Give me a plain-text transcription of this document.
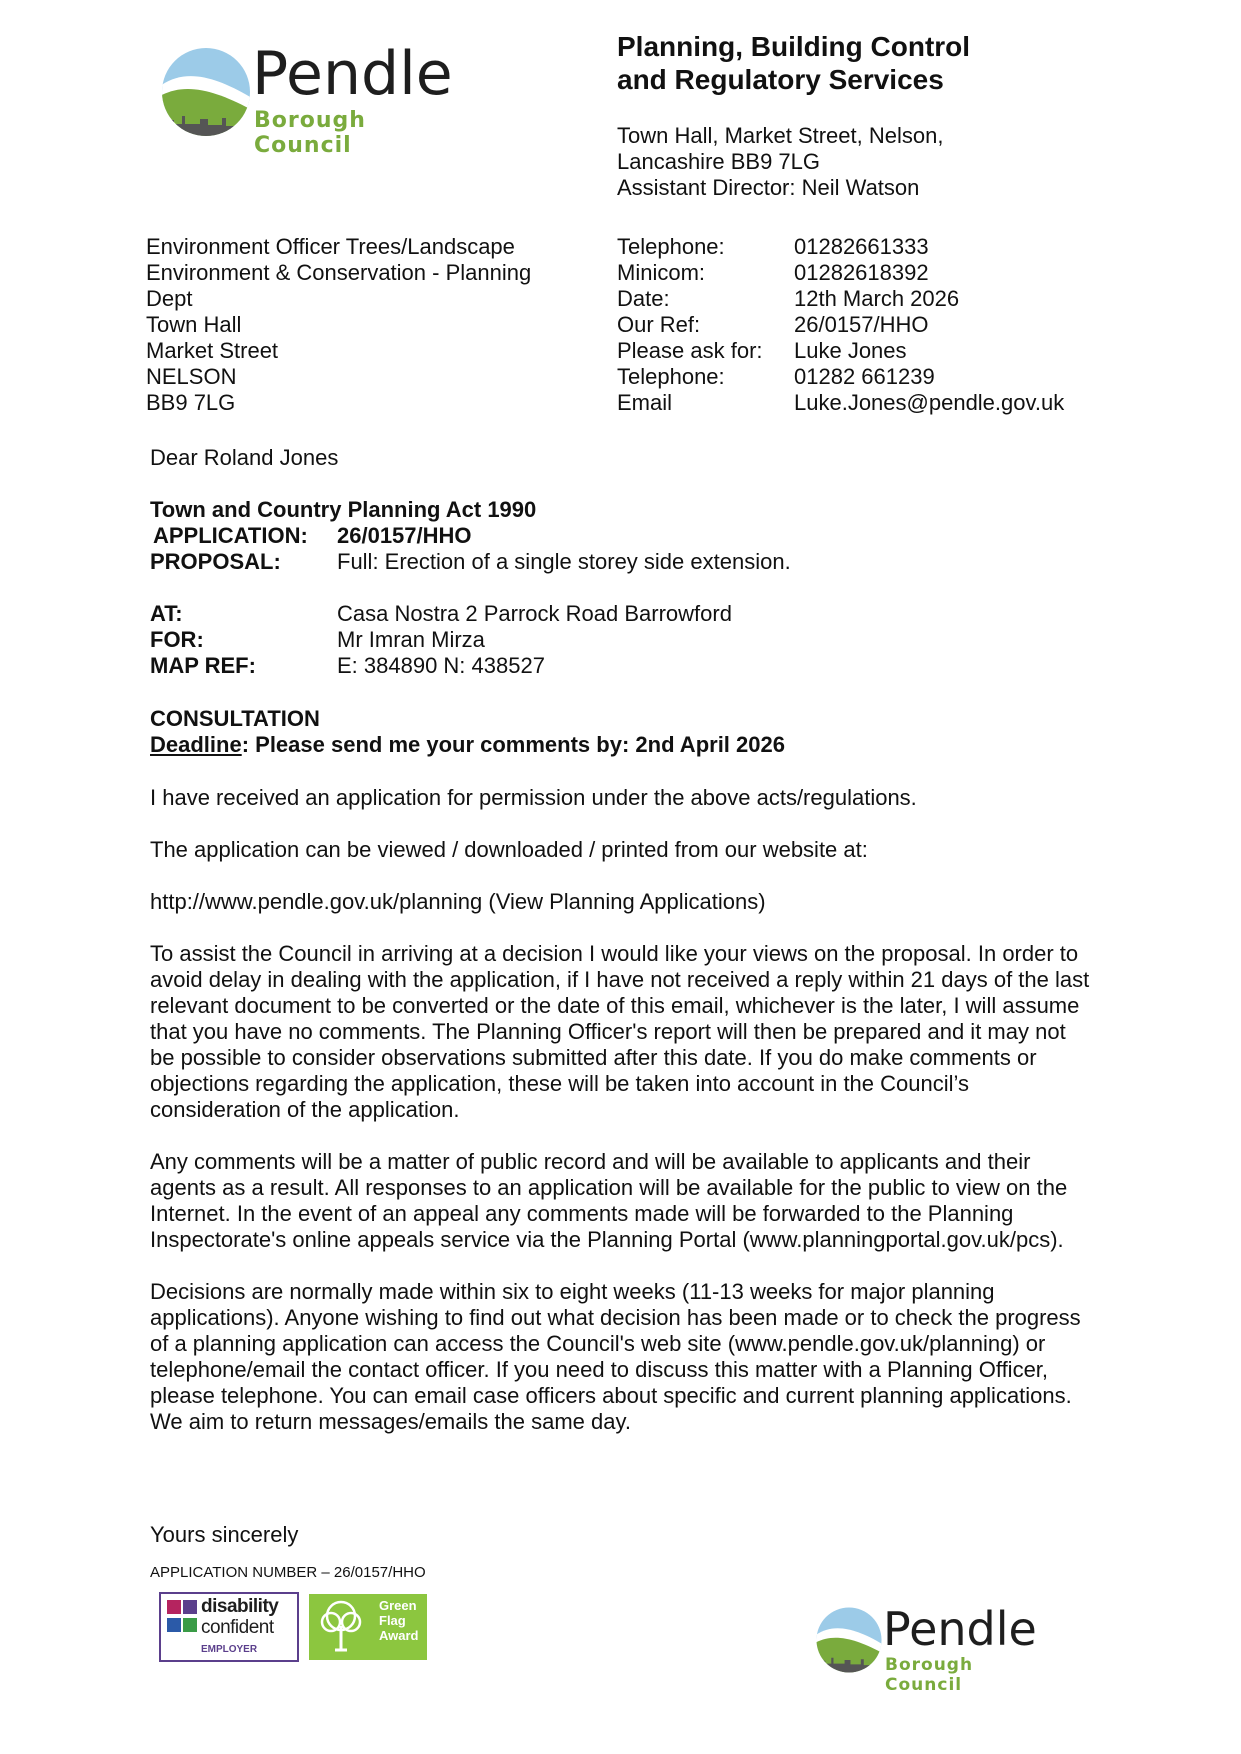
Pendle
Borough Council
Planning, Building Control
and Regulatory Services
Town Hall, Market Street, Nelson,
Lancashire BB9 7LG
Assistant Director: Neil Watson
Environment Officer Trees/Landscape
Environment & Conservation - Planning
Dept
Town Hall
Market Street
NELSON
BB9 7LG
Telephone:	01282661333
Minicom:	01282618392
Date:	12th March 2026
Our Ref:	26/0157/HHO
Please ask for:	Luke Jones
Telephone:	01282 661239
Email	Luke.Jones@pendle.gov.uk
Dear Roland Jones
Town and Country Planning Act 1990
APPLICATION:	26/0157/HHO
PROPOSAL:	Full: Erection of a single storey side extension.
AT:	Casa Nostra 2 Parrock Road Barrowford
FOR:	Mr Imran Mirza
MAP REF:	E: 384890 N: 438527
CONSULTATION
Deadline: Please send me your comments by: 2nd April 2026

I have received an application for permission under the above acts/regulations.

The application can be viewed / downloaded / printed from our website at:

http://www.pendle.gov.uk/planning (View Planning Applications)

To assist the Council in arriving at a decision I would like your views on the proposal. In order to avoid delay in dealing with the application, if I have not received a reply within 21 days of the last relevant document to be converted or the date of this email, whichever is the later, I will assume that you have no comments. The Planning Officer's report will then be prepared and it may not be possible to consider observations submitted after this date. If you do make comments or objections regarding the application, these will be taken into account in the Council’s consideration of the application.

Any comments will be a matter of public record and will be available to applicants and their agents as a result. All responses to an application will be available for the public to view on the Internet. In the event of an appeal any comments made will be forwarded to the Planning Inspectorate's online appeals service via the Planning Portal (www.planningportal.gov.uk/pcs).

Decisions are normally made within six to eight weeks (11-13 weeks for major planning applications). Anyone wishing to find out what decision has been made or to check the progress of a planning application can access the Council's web site (www.pendle.gov.uk/planning) or telephone/email the contact officer. If you need to discuss this matter with a Planning Officer, please telephone. You can email case officers about specific and current planning applications. We aim to return messages/emails the same day.

Yours sincerely
APPLICATION NUMBER – 26/0157/HHO
disability
confident
EMPLOYER
Green
Flag
Award	Pendle
Borough Council
